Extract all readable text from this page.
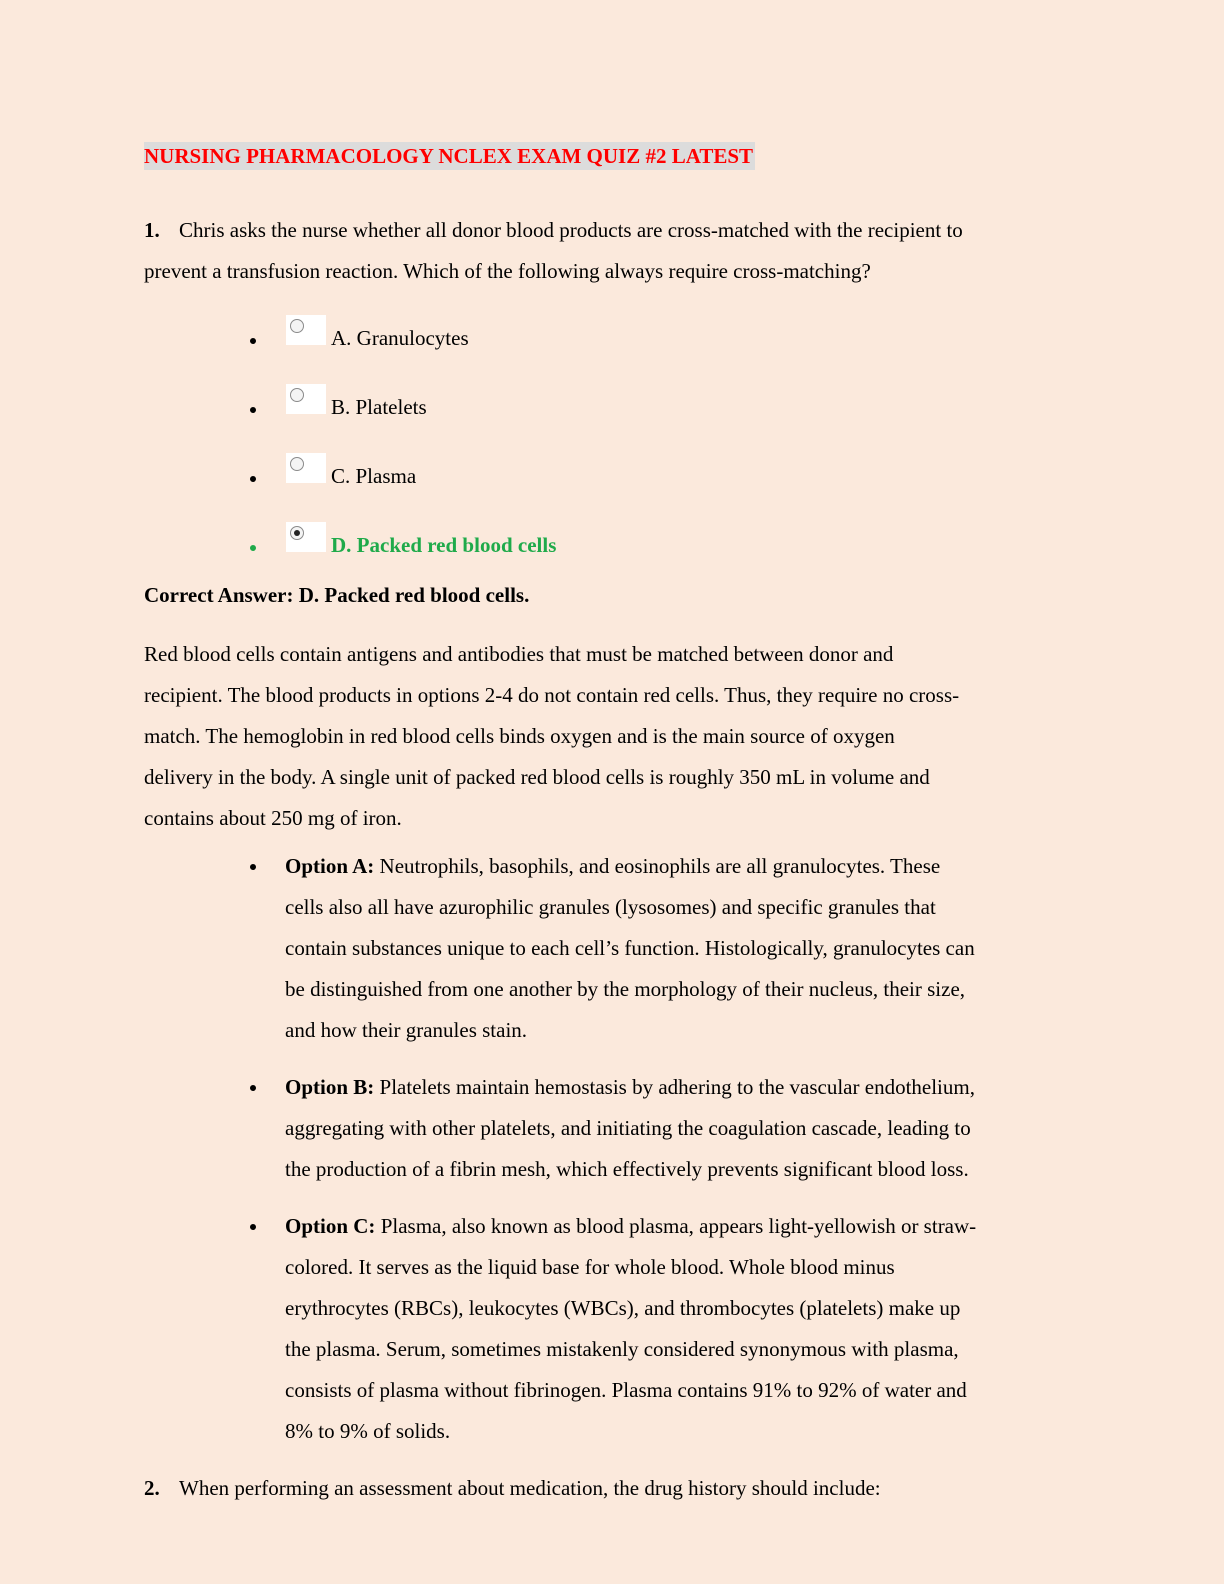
NURSING PHARMACOLOGY NCLEX EXAM QUIZ #2 LATEST

1. Chris asks the nurse whether all donor blood products are cross-matched with the recipient to
prevent a transfusion reaction. Which of the following always require cross-matching?

A. Granulocytes
B. Platelets
C. Plasma
D. Packed red blood cells
Correct Answer: D. Packed red blood cells.

Red blood cells contain antigens and antibodies that must be matched between donor and
recipient. The blood products in options 2-4 do not contain red cells. Thus, they require no cross-
match. The hemoglobin in red blood cells binds oxygen and is the main source of oxygen
delivery in the body. A single unit of packed red blood cells is roughly 350 mL in volume and
contains about 250 mg of iron.

Option A: Neutrophils, basophils, and eosinophils are all granulocytes. These
cells also all have azurophilic granules (lysosomes) and specific granules that
contain substances unique to each cell’s function. Histologically, granulocytes can
be distinguished from one another by the morphology of their nucleus, their size,
and how their granules stain.
Option B: Platelets maintain hemostasis by adhering to the vascular endothelium,
aggregating with other platelets, and initiating the coagulation cascade, leading to
the production of a fibrin mesh, which effectively prevents significant blood loss.
Option C: Plasma, also known as blood plasma, appears light-yellowish or straw-
colored. It serves as the liquid base for whole blood. Whole blood minus
erythrocytes (RBCs), leukocytes (WBCs), and thrombocytes (platelets) make up
the plasma. Serum, sometimes mistakenly considered synonymous with plasma,
consists of plasma without fibrinogen. Plasma contains 91% to 92% of water and
8% to 9% of solids.

2. When performing an assessment about medication, the drug history should include:
